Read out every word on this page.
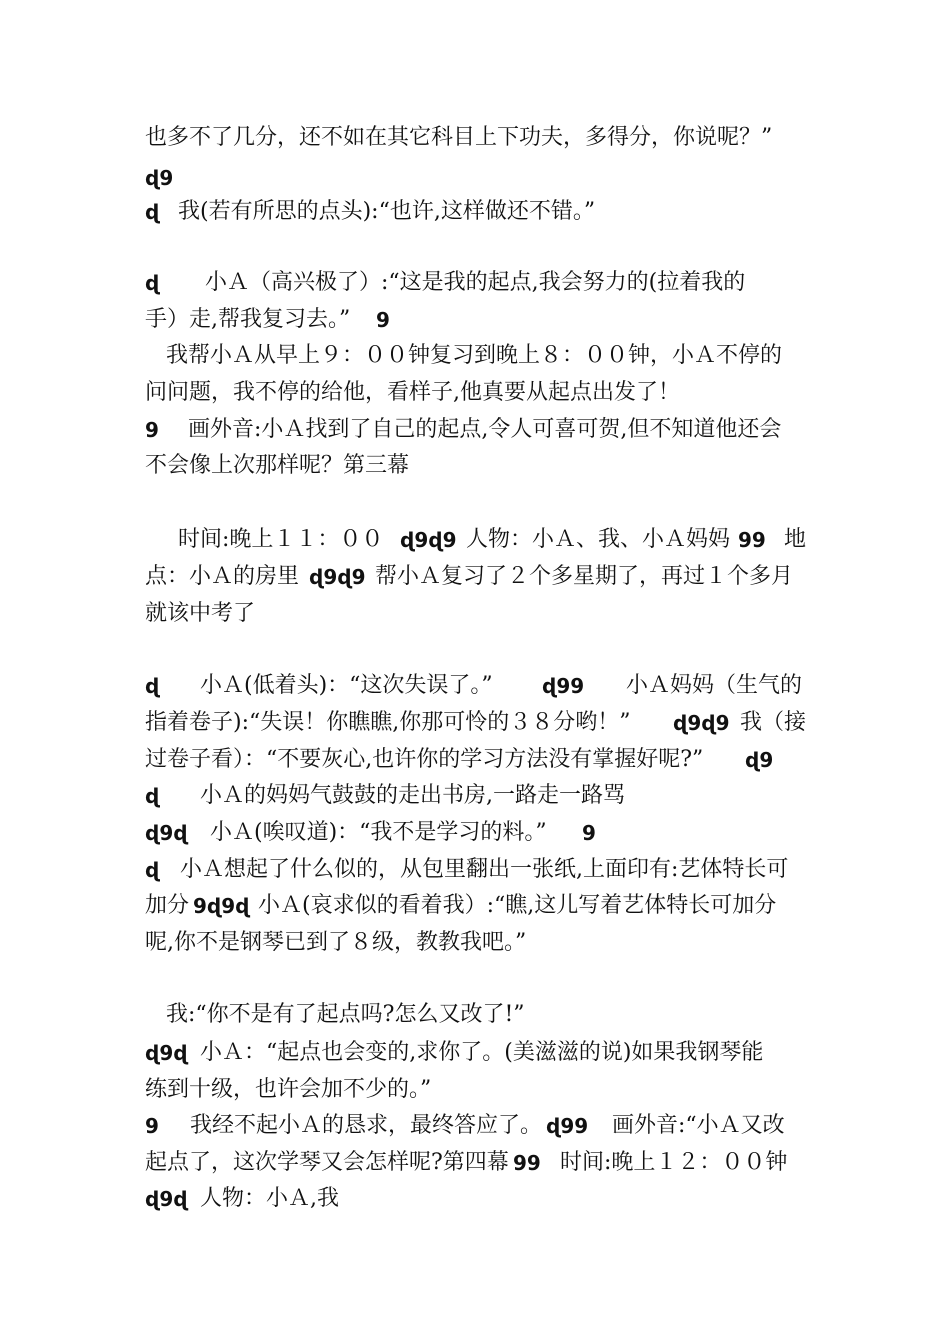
也多不了几分，还不如在其它科目上下功夫，多得分，你说呢？”
ɖ9
ɖ 我(若有所思的点头):“也许,这样做还不错。”
ɖ 小Ａ（高兴极了）:“这是我的起点,我会努力的(拉着我的
手）走,帮我复习去。” 9
我帮小Ａ从早上９：００钟复习到晚上８：００钟，小Ａ不停的
问问题，我不停的给他，看样子,他真要从起点出发了！
9 画外音:小Ａ找到了自己的起点,令人可喜可贺,但不知道他还会
不会像上次那样呢？第三幕
时间:晚上１１：００ ɖ9ɖ9 人物：小Ａ、我、小Ａ妈妈 99 地
点：小Ａ的房里 ɖ9ɖ9 帮小Ａ复习了２个多星期了，再过１个多月
就该中考了
ɖ 小Ａ(低着头)：“这次失误了。” ɖ99 小Ａ妈妈（生气的
指着卷子):“失误！你瞧瞧,你那可怜的３８分哟！” ɖ9ɖ9 我（接
过卷子看）：“不要灰心,也许你的学习方法没有掌握好呢?” ɖ9
ɖ 小Ａ的妈妈气鼓鼓的走出书房,一路走一路骂
ɖ9ɖ 小Ａ(唉叹道)：“我不是学习的料。” 9
ɖ 小Ａ想起了什么似的，从包里翻出一张纸,上面印有:艺体特长可
加分 9ɖ9ɖ 小Ａ(哀求似的看着我）:“瞧,这儿写着艺体特长可加分
呢,你不是钢琴已到了８级，教教我吧。”
我:“你不是有了起点吗?怎么又改了!”
ɖ9ɖ 小Ａ：“起点也会变的,求你了。(美滋滋的说)如果我钢琴能
练到十级，也许会加不少的。”
9 我经不起小Ａ的恳求，最终答应了。 ɖ99 画外音:“小Ａ又改
起点了，这次学琴又会怎样呢?第四幕 99 时间:晚上１２：００钟
ɖ9ɖ 人物：小Ａ,我
